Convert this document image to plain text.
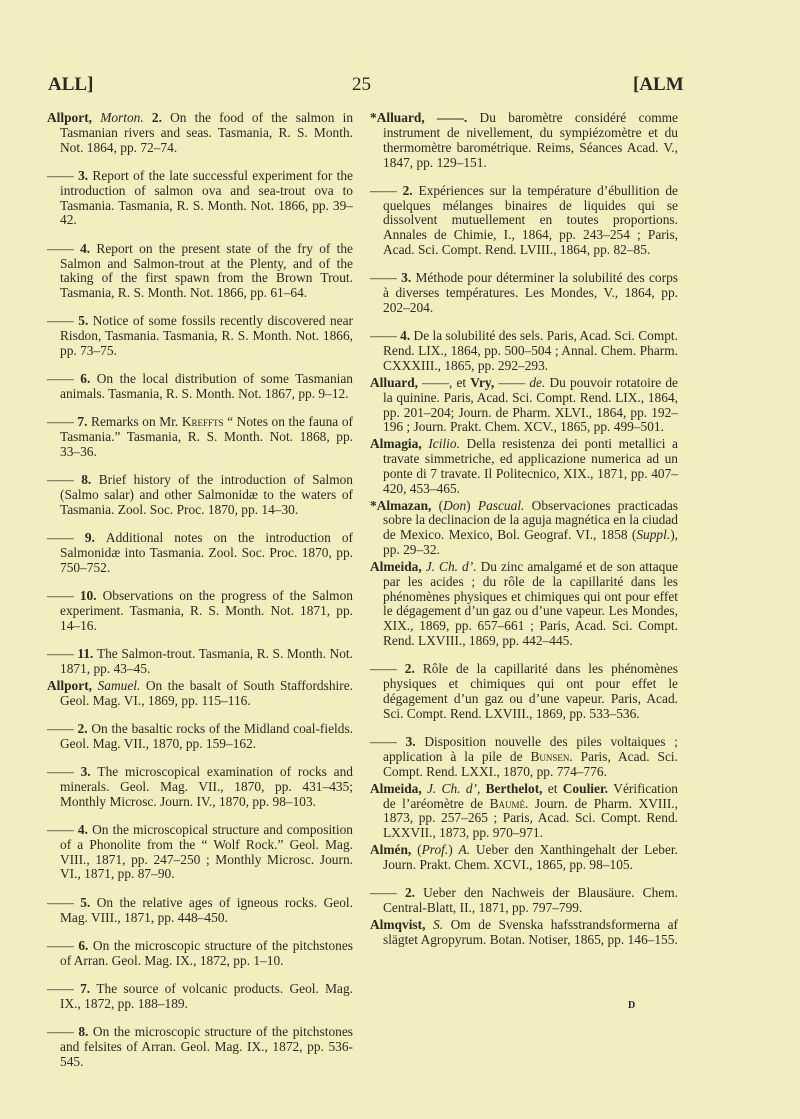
ALL]	25	[ALM

Allport, Morton. 2. On the food of the salmon in Tasmanian rivers and seas. Tasmania, R. S. Month. Not. 1864, pp. 72–74.

—— 3. Report of the late successful experiment for the introduction of salmon ova and sea-trout ova to Tasmania. Tasmania, R. S. Month. Not. 1866, pp. 39–42.

—— 4. Report on the present state of the fry of the Salmon and Salmon-trout at the Plenty, and of the taking of the first spawn from the Brown Trout. Tasmania, R. S. Month. Not. 1866, pp. 61–64.

—— 5. Notice of some fossils recently discovered near Risdon, Tasmania. Tasmania, R. S. Month. Not. 1866, pp. 73–75.

—— 6. On the local distribution of some Tasmanian animals. Tasmania, R. S. Month. Not. 1867, pp. 9–12.

—— 7. Remarks on Mr. Kreffts “ Notes on the fauna of Tasmania.” Tasmania, R. S. Month. Not. 1868, pp. 33–36.

—— 8. Brief history of the introduction of Salmon (Salmo salar) and other Salmonidæ to the waters of Tasmania. Zool. Soc. Proc. 1870, pp. 14–30.

—— 9. Additional notes on the introduction of Salmonidæ into Tasmania. Zool. Soc. Proc. 1870, pp. 750–752.

—— 10. Observations on the progress of the Salmon experiment. Tasmania, R. S. Month. Not. 1871, pp. 14–16.

—— 11. The Salmon-trout. Tasmania, R. S. Month. Not. 1871, pp. 43–45.

Allport, Samuel. On the basalt of South Staffordshire. Geol. Mag. VI., 1869, pp. 115–116.

—— 2. On the basaltic rocks of the Midland coal-fields. Geol. Mag. VII., 1870, pp. 159–162.

—— 3. The microscopical examination of rocks and minerals. Geol. Mag. VII., 1870, pp. 431–435; Monthly Microsc. Journ. IV., 1870, pp. 98–103.

—— 4. On the microscopical structure and composition of a Phonolite from the “ Wolf Rock.” Geol. Mag. VIII., 1871, pp. 247–250 ; Monthly Microsc. Journ. VI., 1871, pp. 87–90.

—— 5. On the relative ages of igneous rocks. Geol. Mag. VIII., 1871, pp. 448–450.

—— 6. On the microscopic structure of the pitchstones of Arran. Geol. Mag. IX., 1872, pp. 1–10.

—— 7. The source of volcanic products. Geol. Mag. IX., 1872, pp. 188–189.

—— 8. On the microscopic structure of the pitchstones and felsites of Arran. Geol. Mag. IX., 1872, pp. 536-545.

*Alluard, ——. Du baromètre considéré comme instrument de nivellement, du sympiézomètre et du thermomètre barométrique. Reims, Séances Acad. V., 1847, pp. 129–151.

—— 2. Expériences sur la température d’ébullition de quelques mélanges binaires de liquides qui se dissolvent mutuellement en toutes proportions. Annales de Chimie, I., 1864, pp. 243–254 ; Paris, Acad. Sci. Compt. Rend. LVIII., 1864, pp. 82–85.

—— 3. Méthode pour déterminer la solubilité des corps à diverses températures. Les Mondes, V., 1864, pp. 202–204.

—— 4. De la solubilité des sels. Paris, Acad. Sci. Compt. Rend. LIX., 1864, pp. 500–504 ; Annal. Chem. Pharm. CXXXIII., 1865, pp. 292–293.

Alluard, ——, et Vry, —— de. Du pouvoir rotatoire de la quinine. Paris, Acad. Sci. Compt. Rend. LIX., 1864, pp. 201–204; Journ. de Pharm. XLVI., 1864, pp. 192–196 ; Journ. Prakt. Chem. XCV., 1865, pp. 499–501.

Almagia, Icilio. Della resistenza dei ponti metallici a travate simmetriche, ed applicazione numerica ad un ponte di 7 travate. Il Politecnico, XIX., 1871, pp. 407–420, 453–465.

*Almazan, (Don) Pascual. Observaciones practicadas sobre la declinacion de la aguja magnética en la ciudad de Mexico. Mexico, Bol. Geograf. VI., 1858 (Suppl.), pp. 29–32.

Almeida, J. Ch. d’. Du zinc amalgamé et de son attaque par les acides ; du rôle de la capillarité dans les phénomènes physiques et chimiques qui ont pour effet le dégagement d’un gaz ou d’une vapeur. Les Mondes, XIX., 1869, pp. 657–661 ; Paris, Acad. Sci. Compt. Rend. LXVIII., 1869, pp. 442–445.

—— 2. Rôle de la capillarité dans les phénomènes physiques et chimiques qui ont pour effet le dégagement d’un gaz ou d’une vapeur. Paris, Acad. Sci. Compt. Rend. LXVIII., 1869, pp. 533–536.

—— 3. Disposition nouvelle des piles voltaiques ; application à la pile de Bunsen. Paris, Acad. Sci. Compt. Rend. LXXI., 1870, pp. 774–776.

Almeida, J. Ch. d’, Berthelot, et Coulier. Vérification de l’aréomètre de Baumé. Journ. de Pharm. XVIII., 1873, pp. 257–265 ; Paris, Acad. Sci. Compt. Rend. LXXVII., 1873, pp. 970–971.

Almén, (Prof.) A. Ueber den Xanthingehalt der Leber. Journ. Prakt. Chem. XCVI., 1865, pp. 98–105.

—— 2. Ueber den Nachweis der Blausäure. Chem. Central-Blatt, II., 1871, pp. 797–799.

Almqvist, S. Om de Svenska hafsstrandsformerna af slägtet Agropyrum. Botan. Notiser, 1865, pp. 146–155.

D
